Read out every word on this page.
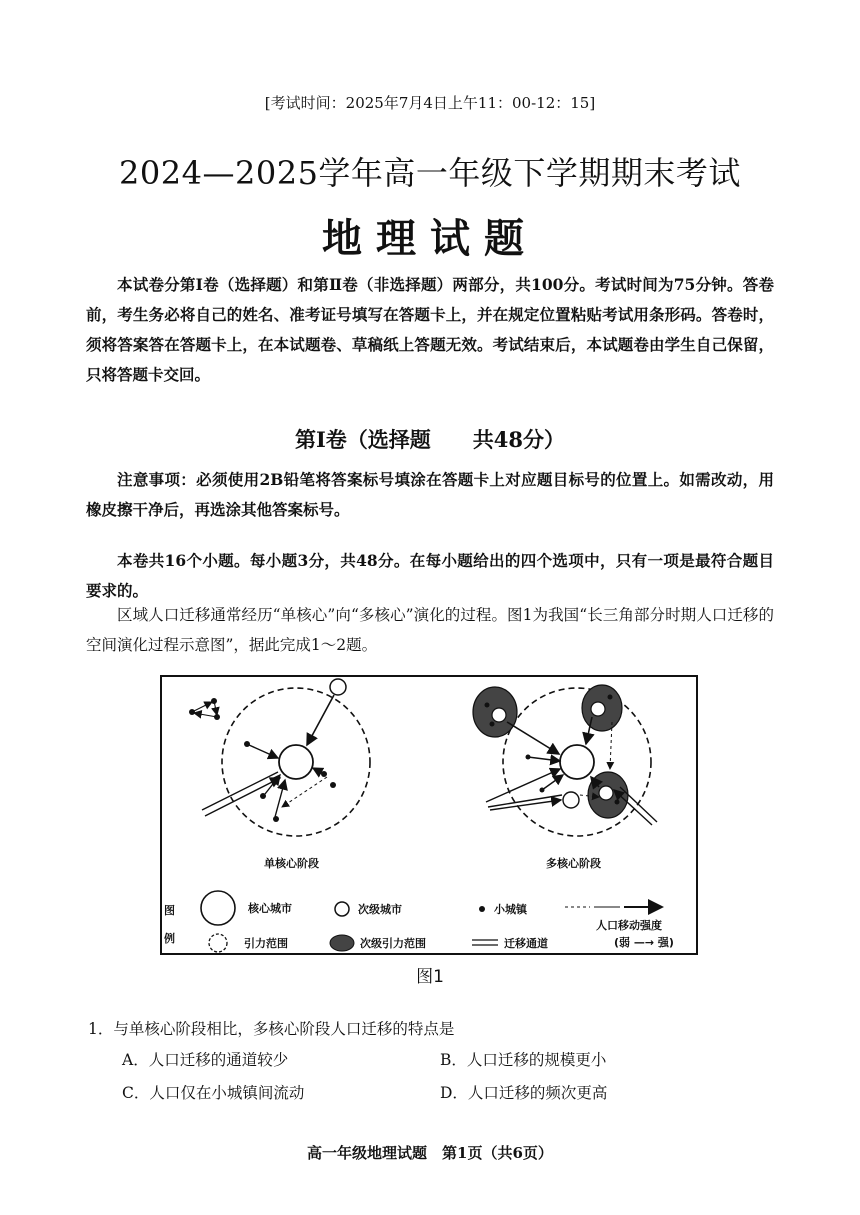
[考试时间：2025年7月4日上午11：00-12：15]
2024—2025学年高一年级下学期期末考试
地理试题
本试卷分第Ⅰ卷（选择题）和第Ⅱ卷（非选择题）两部分，共100分。考试时间为75分钟。答卷前，考生务必将自己的姓名、准考证号填写在答题卡上，并在规定位置粘贴考试用条形码。答卷时，须将答案答在答题卡上，在本试题卷、草稿纸上答题无效。考试结束后，本试题卷由学生自己保留，只将答题卡交回。
第Ⅰ卷（选择题　　共48分）
注意事项：必须使用2B铅笔将答案标号填涂在答题卡上对应题目标号的位置上。如需改动，用橡皮擦干净后，再选涂其他答案标号。
本卷共16个小题。每小题3分，共48分。在每小题给出的四个选项中，只有一项是最符合题目要求的。
区域人口迁移通常经历“单核心”向“多核心”演化的过程。图1为我国“长三角部分时期人口迁移的空间演化过程示意图”，据此完成1～2题。
单核心阶段	多核心阶段
图
例
核心城市	次级城市	小城镇
人口移动强度
(弱 —→ 强)
引力范围	次级引力范围	迁移通道
图1
1．与单核心阶段相比，多核心阶段人口迁移的特点是
A．人口迁移的通道较少	B．人口迁移的规模更小
C．人口仅在小城镇间流动	D．人口迁移的频次更高
高一年级地理试题　第1页（共6页）
